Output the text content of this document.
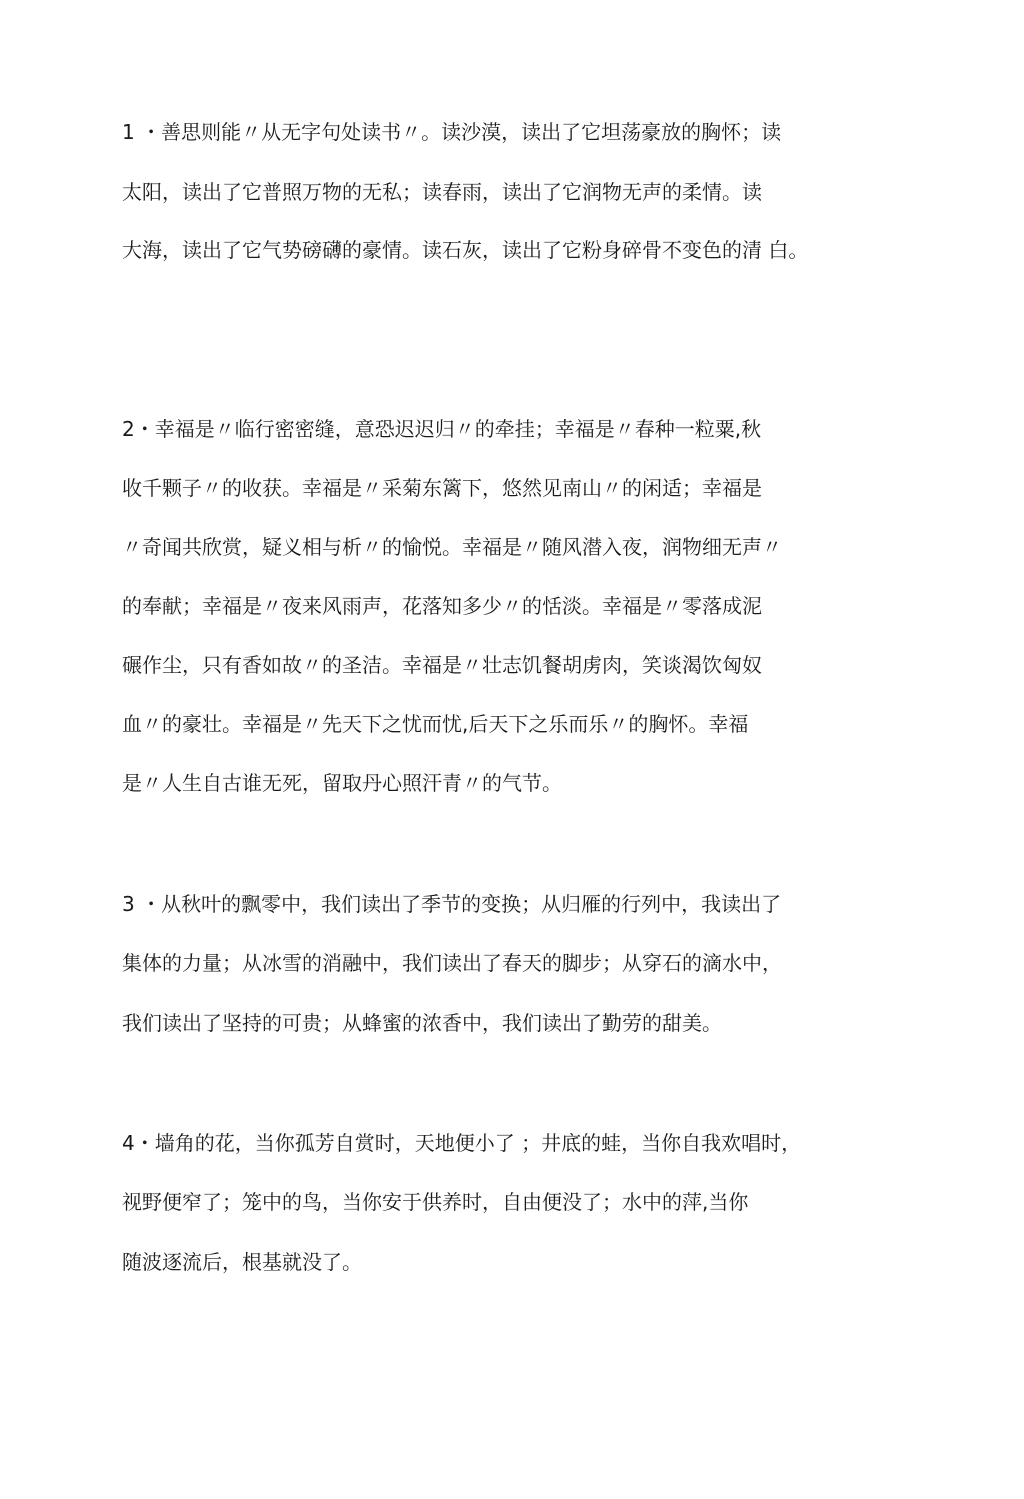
1 ・善思则能〃从无字句处读书〃。读沙漠，读出了它坦荡豪放的胸怀；读
太阳，读出了它普照万物的无私；读春雨，读出了它润物无声的柔情。读
大海，读出了它气势磅礴的豪情。读石灰，读出了它粉身碎骨不变色的清 白。
2・幸福是〃临行密密缝，意恐迟迟归〃的牵挂；幸福是〃春种一粒粟,秋
收千颗子〃的收获。幸福是〃采菊东篱下，悠然见南山〃的闲适；幸福是
〃奇闻共欣赏，疑义相与析〃的愉悦。幸福是〃随风潜入夜，润物细无声〃
的奉献；幸福是〃夜来风雨声，花落知多少〃的恬淡。幸福是〃零落成泥
碾作尘，只有香如故〃的圣洁。幸福是〃壮志饥餐胡虏肉，笑谈渴饮匈奴
血〃的豪壮。幸福是〃先天下之忧而忧,后天下之乐而乐〃的胸怀。幸福
是〃人生自古谁无死，留取丹心照汗青〃的气节。
3 ・从秋叶的飘零中，我们读出了季节的变换；从归雁的行列中，我读出了
集体的力量；从冰雪的消融中，我们读出了春天的脚步；从穿石的滴水中，
我们读出了坚持的可贵；从蜂蜜的浓香中，我们读出了勤劳的甜美。
4・墙角的花，当你孤芳自赏时，天地便小了 ；井底的蛙，当你自我欢唱时，
视野便窄了；笼中的鸟，当你安于供养时，自由便没了；水中的萍,当你
随波逐流后，根基就没了。
